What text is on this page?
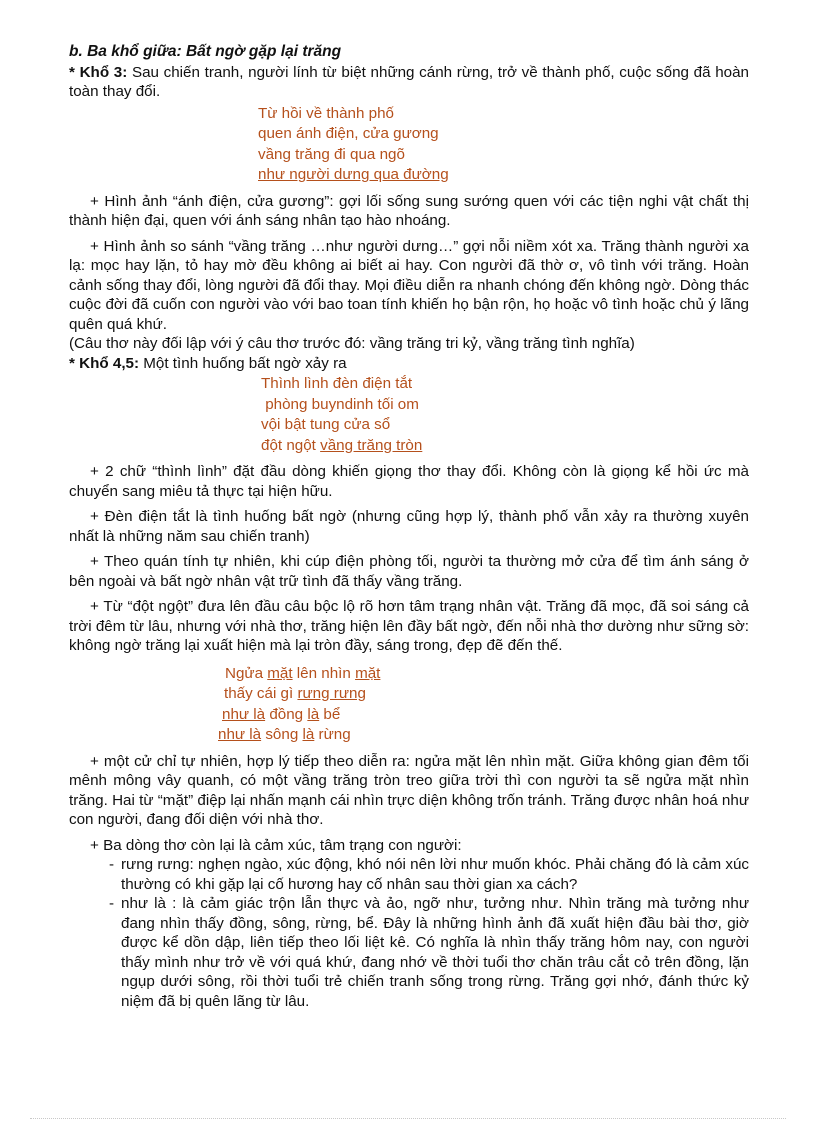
b. Ba khổ giữa: Bất ngờ gặp lại trăng

* Khổ 3: Sau chiến tranh, người lính từ biệt những cánh rừng, trở về thành phố, cuộc sống đã hoàn toàn thay đổi.

Từ hồi về thành phố
quen ánh điện, cửa gương
vầng trăng đi qua ngõ
như người dưng qua đường

+ Hình ảnh “ánh điện, cửa gương”: gợi lối sống sung sướng quen với các tiện nghi vật chất thị thành hiện đại, quen với ánh sáng nhân tạo hào nhoáng.

+ Hình ảnh so sánh “vầng trăng …như người dưng…” gợi nỗi niềm xót xa. Trăng thành người xa lạ: mọc hay lặn, tỏ hay mờ đều không ai biết ai hay. Con người đã thờ ơ, vô tình với trăng. Hoàn cảnh sống thay đổi, lòng người đã đổi thay. Mọi điều diễn ra nhanh chóng đến không ngờ. Dòng thác cuộc đời đã cuốn con người vào với bao toan tính khiến họ bận rộn, họ hoặc vô tình hoặc chủ ý lãng quên quá khứ.

(Câu thơ này đối lập với ý câu thơ trước đó: vầng trăng tri kỷ, vầng trăng tình nghĩa)

* Khổ 4,5: Một tình huống bất ngờ xảy ra

Thình lình đèn điện tắt
phòng buyndinh tối om
vội bật tung cửa sổ
đột ngột vầng trăng tròn

+ 2 chữ “thình lình” đặt đầu dòng khiến giọng thơ thay đổi. Không còn là giọng kể hồi ức mà chuyển sang miêu tả thực tại hiện hữu.

+ Đèn điện tắt là tình huống bất ngờ (nhưng cũng hợp lý, thành phố vẫn xảy ra thường xuyên nhất là những năm sau chiến tranh)

+ Theo quán tính tự nhiên, khi cúp điện phòng tối, người ta thường mở cửa để tìm ánh sáng ở bên ngoài và bất ngờ nhân vật trữ tình đã thấy vầng trăng.

+ Từ “đột ngột” đưa lên đầu câu bộc lộ rõ hơn tâm trạng nhân vật. Trăng đã mọc, đã soi sáng cả trời đêm từ lâu, nhưng với nhà thơ, trăng hiện lên đầy bất ngờ, đến nỗi nhà thơ dường như sững sờ: không ngờ trăng lại xuất hiện mà lại tròn đầy, sáng trong, đẹp đẽ đến thế.

Ngửa mặt lên nhìn mặt
thấy cái gì rưng rưng
như là đồng là bể
như là sông là rừng

+ một cử chỉ tự nhiên, hợp lý tiếp theo diễn ra: ngửa mặt lên nhìn mặt. Giữa không gian đêm tối mênh mông vây quanh, có một vầng trăng tròn treo giữa trời thì con người ta sẽ ngửa mặt nhìn trăng. Hai từ “mặt” điệp lại nhấn mạnh cái nhìn trực diện không trốn tránh. Trăng được nhân hoá như con người, đang đối diện với nhà thơ.

+ Ba dòng thơ còn lại là cảm xúc, tâm trạng con người:

- rưng rưng: nghẹn ngào, xúc động, khó nói nên lời như muốn khóc. Phải chăng đó là cảm xúc thường có khi gặp lại cố hương hay cố nhân sau thời gian xa cách?
- như là : là cảm giác trộn lẫn thực và ảo, ngỡ như, tưởng như. Nhìn trăng mà tưởng như đang nhìn thấy đồng, sông, rừng, bể. Đây là những hình ảnh đã xuất hiện đầu bài thơ, giờ được kể dồn dập, liên tiếp theo lối liệt kê. Có nghĩa là nhìn thấy trăng hôm nay, con người thấy mình như trở về với quá khứ, đang nhớ về thời tuổi thơ chăn trâu cắt cỏ trên đồng, lặn ngụp dưới sông, rồi thời tuổi trẻ chiến tranh sống trong rừng. Trăng gợi nhớ, đánh thức kỷ niệm đã bị quên lãng từ lâu.
